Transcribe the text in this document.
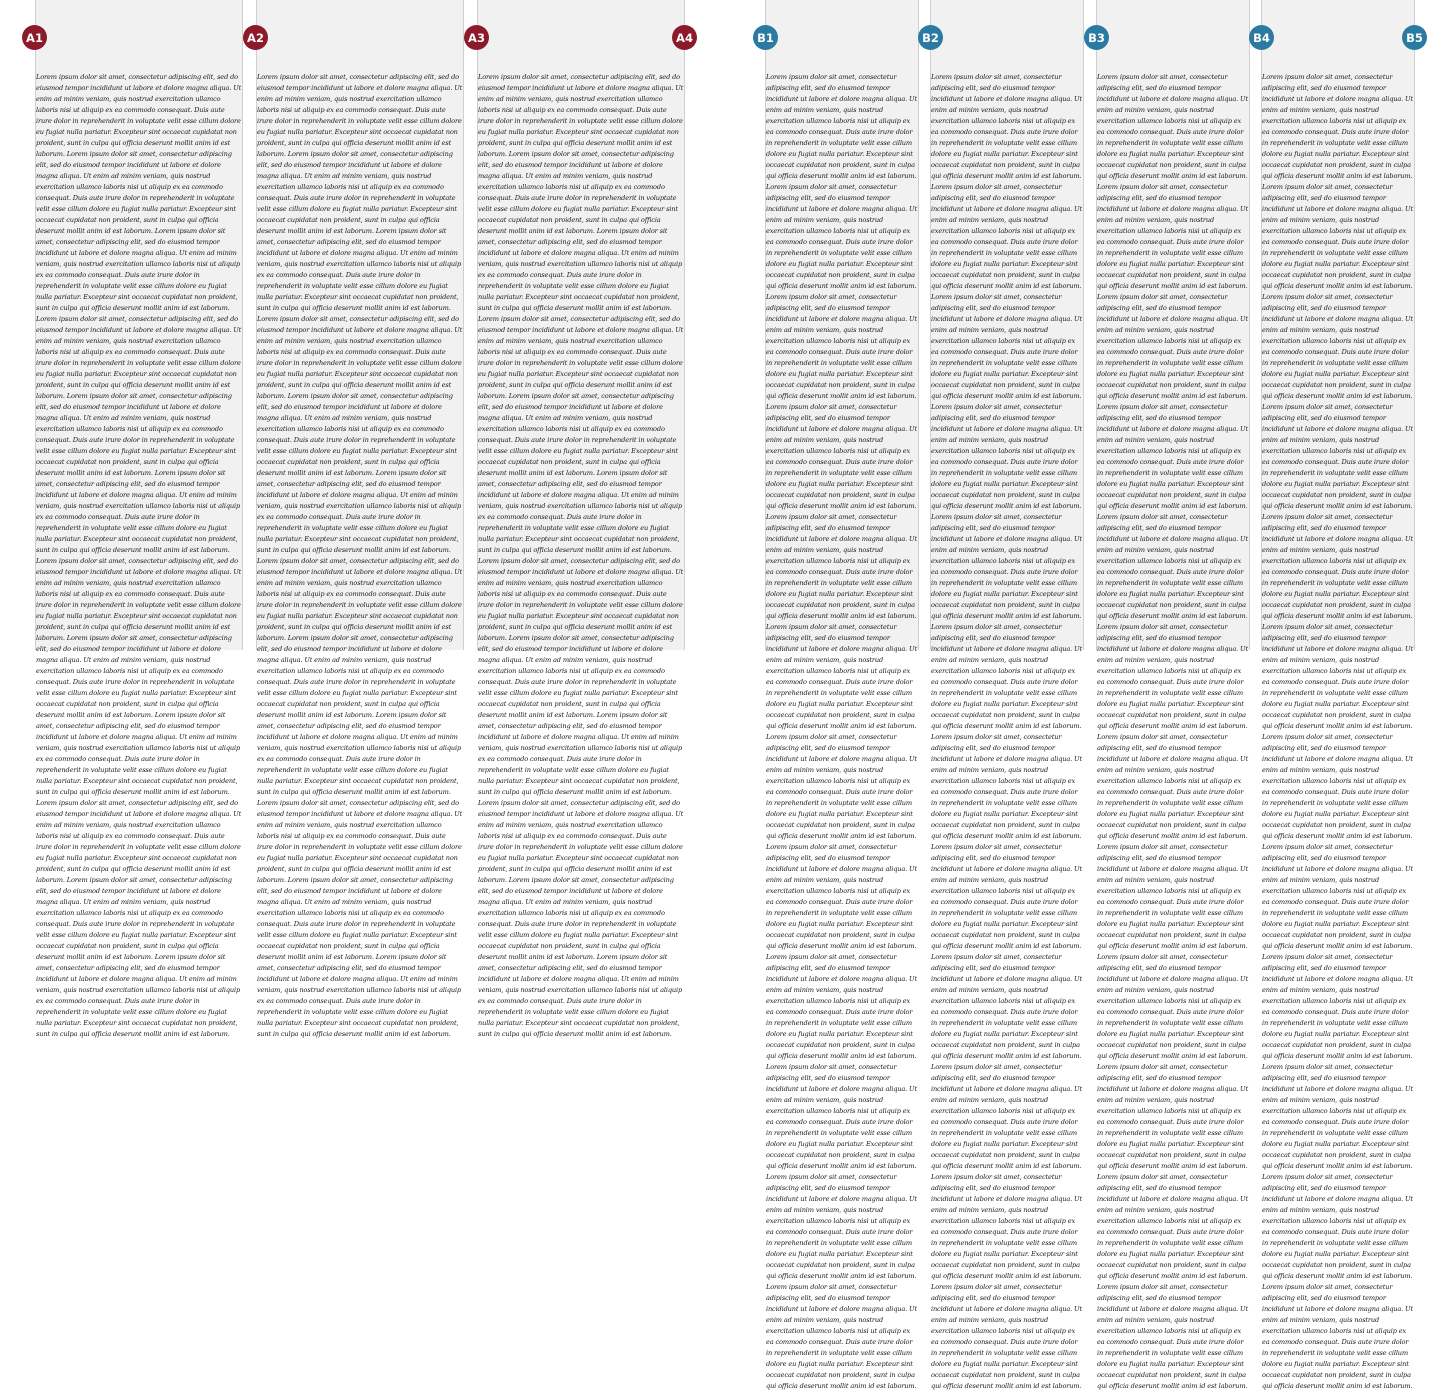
Lorem ipsum dolor sit amet, consectetur adipiscing elit, sed do eiusmod tempor incididunt ut labore et dolore magna aliqua. Ut enim ad minim veniam, quis nostrud exercitation ullamco laboris nisi ut aliquip ex ea commodo consequat. Duis aute irure dolor in reprehenderit in voluptate velit esse cillum dolore eu fugiat nulla pariatur. Excepteur sint occaecat cupidatat non proident, sunt in culpa qui officia deserunt mollit anim id est laborum. Lorem ipsum dolor sit amet, consectetur adipiscing elit, sed do eiusmod tempor incididunt ut labore et dolore magna aliqua. Ut enim ad minim veniam, quis nostrud exercitation ullamco laboris nisi ut aliquip ex ea commodo consequat. Duis aute irure dolor in reprehenderit in voluptate velit esse cillum dolore eu fugiat nulla pariatur. Excepteur sint occaecat cupidatat non proident, sunt in culpa qui officia deserunt mollit anim id est laborum. Lorem ipsum dolor sit amet, consectetur adipiscing elit, sed do eiusmod tempor incididunt ut labore et dolore magna aliqua. Ut enim ad minim veniam, quis nostrud exercitation ullamco laboris nisi ut aliquip ex ea commodo consequat. Duis aute irure dolor in reprehenderit in voluptate velit esse cillum dolore eu fugiat nulla pariatur. Excepteur sint occaecat cupidatat non proident, sunt in culpa qui officia deserunt mollit anim id est laborum. Lorem ipsum dolor sit amet, consectetur adipiscing elit, sed do eiusmod tempor incididunt ut labore et dolore magna aliqua. Ut enim ad minim veniam, quis nostrud exercitation ullamco laboris nisi ut aliquip ex ea commodo consequat. Duis aute irure dolor in reprehenderit in voluptate velit esse cillum dolore eu fugiat nulla pariatur. Excepteur sint occaecat cupidatat non proident, sunt in culpa qui officia deserunt mollit anim id est laborum. Lorem ipsum dolor sit amet, consectetur adipiscing elit, sed do eiusmod tempor incididunt ut labore et dolore magna aliqua. Ut enim ad minim veniam, quis nostrud exercitation ullamco laboris nisi ut aliquip ex ea commodo consequat. Duis aute irure dolor in reprehenderit in voluptate velit esse cillum dolore eu fugiat nulla pariatur. Excepteur sint occaecat cupidatat non proident, sunt in culpa qui officia deserunt mollit anim id est laborum. Lorem ipsum dolor sit amet, consectetur adipiscing elit, sed do eiusmod tempor incididunt ut labore et dolore magna aliqua. Ut enim ad minim veniam, quis nostrud exercitation ullamco laboris nisi ut aliquip ex ea commodo consequat. Duis aute irure dolor in reprehenderit in voluptate velit esse cillum dolore eu fugiat nulla pariatur. Excepteur sint occaecat cupidatat non proident, sunt in culpa qui officia deserunt mollit anim id est laborum. Lorem ipsum dolor sit amet, consectetur adipiscing elit, sed do eiusmod tempor incididunt ut labore et dolore magna aliqua. Ut enim ad minim veniam, quis nostrud exercitation ullamco laboris nisi ut aliquip ex ea commodo consequat. Duis aute irure dolor in reprehenderit in voluptate velit esse cillum dolore eu fugiat nulla pariatur. Excepteur sint occaecat cupidatat non proident, sunt in culpa qui officia deserunt mollit anim id est laborum. Lorem ipsum dolor sit amet, consectetur adipiscing elit, sed do eiusmod tempor incididunt ut labore et dolore magna aliqua. Ut enim ad minim veniam, quis nostrud exercitation ullamco laboris nisi ut aliquip ex ea commodo consequat. Duis aute irure dolor in reprehenderit in voluptate velit esse cillum dolore eu fugiat nulla pariatur. Excepteur sint occaecat cupidatat non proident, sunt in culpa qui officia deserunt mollit anim id est laborum. Lorem ipsum dolor sit amet, consectetur adipiscing elit, sed do eiusmod tempor incididunt ut labore et dolore magna aliqua. Ut enim ad minim veniam, quis nostrud exercitation ullamco laboris nisi ut aliquip ex ea commodo consequat. Duis aute irure dolor in reprehenderit in voluptate velit esse cillum dolore eu fugiat nulla pariatur. Excepteur sint occaecat cupidatat non proident, sunt in culpa qui officia deserunt mollit anim id est laborum. Lorem ipsum dolor sit amet, consectetur adipiscing elit, sed do eiusmod tempor incididunt ut labore et dolore magna aliqua. Ut enim ad minim veniam, quis nostrud exercitation ullamco laboris nisi ut aliquip ex ea commodo consequat. Duis aute irure dolor in reprehenderit in voluptate velit esse cillum dolore eu fugiat nulla pariatur. Excepteur sint occaecat cupidatat non proident, sunt in culpa qui officia deserunt mollit anim id est laborum. Lorem ipsum dolor sit amet, consectetur adipiscing elit, sed do eiusmod tempor incididunt ut labore et dolore magna aliqua. Ut enim ad minim veniam, quis nostrud exercitation ullamco laboris nisi ut aliquip ex ea commodo consequat. Duis aute irure dolor in reprehenderit in voluptate velit esse cillum dolore eu fugiat nulla pariatur. Excepteur sint occaecat cupidatat non proident, sunt in culpa qui officia deserunt mollit anim id est laborum. Lorem ipsum dolor sit amet, consectetur adipiscing elit, sed do eiusmod tempor incididunt ut labore et dolore magna aliqua. Ut enim ad minim veniam, quis nostrud exercitation ullamco laboris nisi ut aliquip ex ea commodo consequat. Duis aute irure dolor in reprehenderit in voluptate velit esse cillum dolore eu fugiat nulla pariatur. Excepteur sint occaecat cupidatat non proident, sunt in culpa qui officia deserunt mollit anim id est laborum.
Lorem ipsum dolor sit amet, consectetur adipiscing elit, sed do eiusmod tempor incididunt ut labore et dolore magna aliqua. Ut enim ad minim veniam, quis nostrud exercitation ullamco laboris nisi ut aliquip ex ea commodo consequat. Duis aute irure dolor in reprehenderit in voluptate velit esse cillum dolore eu fugiat nulla pariatur. Excepteur sint occaecat cupidatat non proident, sunt in culpa qui officia deserunt mollit anim id est laborum. Lorem ipsum dolor sit amet, consectetur adipiscing elit, sed do eiusmod tempor incididunt ut labore et dolore magna aliqua. Ut enim ad minim veniam, quis nostrud exercitation ullamco laboris nisi ut aliquip ex ea commodo consequat. Duis aute irure dolor in reprehenderit in voluptate velit esse cillum dolore eu fugiat nulla pariatur. Excepteur sint occaecat cupidatat non proident, sunt in culpa qui officia deserunt mollit anim id est laborum. Lorem ipsum dolor sit amet, consectetur adipiscing elit, sed do eiusmod tempor incididunt ut labore et dolore magna aliqua. Ut enim ad minim veniam, quis nostrud exercitation ullamco laboris nisi ut aliquip ex ea commodo consequat. Duis aute irure dolor in reprehenderit in voluptate velit esse cillum dolore eu fugiat nulla pariatur. Excepteur sint occaecat cupidatat non proident, sunt in culpa qui officia deserunt mollit anim id est laborum. Lorem ipsum dolor sit amet, consectetur adipiscing elit, sed do eiusmod tempor incididunt ut labore et dolore magna aliqua. Ut enim ad minim veniam, quis nostrud exercitation ullamco laboris nisi ut aliquip ex ea commodo consequat. Duis aute irure dolor in reprehenderit in voluptate velit esse cillum dolore eu fugiat nulla pariatur. Excepteur sint occaecat cupidatat non proident, sunt in culpa qui officia deserunt mollit anim id est laborum. Lorem ipsum dolor sit amet, consectetur adipiscing elit, sed do eiusmod tempor incididunt ut labore et dolore magna aliqua. Ut enim ad minim veniam, quis nostrud exercitation ullamco laboris nisi ut aliquip ex ea commodo consequat. Duis aute irure dolor in reprehenderit in voluptate velit esse cillum dolore eu fugiat nulla pariatur. Excepteur sint occaecat cupidatat non proident, sunt in culpa qui officia deserunt mollit anim id est laborum. Lorem ipsum dolor sit amet, consectetur adipiscing elit, sed do eiusmod tempor incididunt ut labore et dolore magna aliqua. Ut enim ad minim veniam, quis nostrud exercitation ullamco laboris nisi ut aliquip ex ea commodo consequat. Duis aute irure dolor in reprehenderit in voluptate velit esse cillum dolore eu fugiat nulla pariatur. Excepteur sint occaecat cupidatat non proident, sunt in culpa qui officia deserunt mollit anim id est laborum. Lorem ipsum dolor sit amet, consectetur adipiscing elit, sed do eiusmod tempor incididunt ut labore et dolore magna aliqua. Ut enim ad minim veniam, quis nostrud exercitation ullamco laboris nisi ut aliquip ex ea commodo consequat. Duis aute irure dolor in reprehenderit in voluptate velit esse cillum dolore eu fugiat nulla pariatur. Excepteur sint occaecat cupidatat non proident, sunt in culpa qui officia deserunt mollit anim id est laborum. Lorem ipsum dolor sit amet, consectetur adipiscing elit, sed do eiusmod tempor incididunt ut labore et dolore magna aliqua. Ut enim ad minim veniam, quis nostrud exercitation ullamco laboris nisi ut aliquip ex ea commodo consequat. Duis aute irure dolor in reprehenderit in voluptate velit esse cillum dolore eu fugiat nulla pariatur. Excepteur sint occaecat cupidatat non proident, sunt in culpa qui officia deserunt mollit anim id est laborum. Lorem ipsum dolor sit amet, consectetur adipiscing elit, sed do eiusmod tempor incididunt ut labore et dolore magna aliqua. Ut enim ad minim veniam, quis nostrud exercitation ullamco laboris nisi ut aliquip ex ea commodo consequat. Duis aute irure dolor in reprehenderit in voluptate velit esse cillum dolore eu fugiat nulla pariatur. Excepteur sint occaecat cupidatat non proident, sunt in culpa qui officia deserunt mollit anim id est laborum. Lorem ipsum dolor sit amet, consectetur adipiscing elit, sed do eiusmod tempor incididunt ut labore et dolore magna aliqua. Ut enim ad minim veniam, quis nostrud exercitation ullamco laboris nisi ut aliquip ex ea commodo consequat. Duis aute irure dolor in reprehenderit in voluptate velit esse cillum dolore eu fugiat nulla pariatur. Excepteur sint occaecat cupidatat non proident, sunt in culpa qui officia deserunt mollit anim id est laborum. Lorem ipsum dolor sit amet, consectetur adipiscing elit, sed do eiusmod tempor incididunt ut labore et dolore magna aliqua. Ut enim ad minim veniam, quis nostrud exercitation ullamco laboris nisi ut aliquip ex ea commodo consequat. Duis aute irure dolor in reprehenderit in voluptate velit esse cillum dolore eu fugiat nulla pariatur. Excepteur sint occaecat cupidatat non proident, sunt in culpa qui officia deserunt mollit anim id est laborum. Lorem ipsum dolor sit amet, consectetur adipiscing elit, sed do eiusmod tempor incididunt ut labore et dolore magna aliqua. Ut enim ad minim veniam, quis nostrud exercitation ullamco laboris nisi ut aliquip ex ea commodo consequat. Duis aute irure dolor in reprehenderit in voluptate velit esse cillum dolore eu fugiat nulla pariatur. Excepteur sint occaecat cupidatat non proident, sunt in culpa qui officia deserunt mollit anim id est laborum.
Lorem ipsum dolor sit amet, consectetur adipiscing elit, sed do eiusmod tempor incididunt ut labore et dolore magna aliqua. Ut enim ad minim veniam, quis nostrud exercitation ullamco laboris nisi ut aliquip ex ea commodo consequat. Duis aute irure dolor in reprehenderit in voluptate velit esse cillum dolore eu fugiat nulla pariatur. Excepteur sint occaecat cupidatat non proident, sunt in culpa qui officia deserunt mollit anim id est laborum. Lorem ipsum dolor sit amet, consectetur adipiscing elit, sed do eiusmod tempor incididunt ut labore et dolore magna aliqua. Ut enim ad minim veniam, quis nostrud exercitation ullamco laboris nisi ut aliquip ex ea commodo consequat. Duis aute irure dolor in reprehenderit in voluptate velit esse cillum dolore eu fugiat nulla pariatur. Excepteur sint occaecat cupidatat non proident, sunt in culpa qui officia deserunt mollit anim id est laborum. Lorem ipsum dolor sit amet, consectetur adipiscing elit, sed do eiusmod tempor incididunt ut labore et dolore magna aliqua. Ut enim ad minim veniam, quis nostrud exercitation ullamco laboris nisi ut aliquip ex ea commodo consequat. Duis aute irure dolor in reprehenderit in voluptate velit esse cillum dolore eu fugiat nulla pariatur. Excepteur sint occaecat cupidatat non proident, sunt in culpa qui officia deserunt mollit anim id est laborum. Lorem ipsum dolor sit amet, consectetur adipiscing elit, sed do eiusmod tempor incididunt ut labore et dolore magna aliqua. Ut enim ad minim veniam, quis nostrud exercitation ullamco laboris nisi ut aliquip ex ea commodo consequat. Duis aute irure dolor in reprehenderit in voluptate velit esse cillum dolore eu fugiat nulla pariatur. Excepteur sint occaecat cupidatat non proident, sunt in culpa qui officia deserunt mollit anim id est laborum. Lorem ipsum dolor sit amet, consectetur adipiscing elit, sed do eiusmod tempor incididunt ut labore et dolore magna aliqua. Ut enim ad minim veniam, quis nostrud exercitation ullamco laboris nisi ut aliquip ex ea commodo consequat. Duis aute irure dolor in reprehenderit in voluptate velit esse cillum dolore eu fugiat nulla pariatur. Excepteur sint occaecat cupidatat non proident, sunt in culpa qui officia deserunt mollit anim id est laborum. Lorem ipsum dolor sit amet, consectetur adipiscing elit, sed do eiusmod tempor incididunt ut labore et dolore magna aliqua. Ut enim ad minim veniam, quis nostrud exercitation ullamco laboris nisi ut aliquip ex ea commodo consequat. Duis aute irure dolor in reprehenderit in voluptate velit esse cillum dolore eu fugiat nulla pariatur. Excepteur sint occaecat cupidatat non proident, sunt in culpa qui officia deserunt mollit anim id est laborum. Lorem ipsum dolor sit amet, consectetur adipiscing elit, sed do eiusmod tempor incididunt ut labore et dolore magna aliqua. Ut enim ad minim veniam, quis nostrud exercitation ullamco laboris nisi ut aliquip ex ea commodo consequat. Duis aute irure dolor in reprehenderit in voluptate velit esse cillum dolore eu fugiat nulla pariatur. Excepteur sint occaecat cupidatat non proident, sunt in culpa qui officia deserunt mollit anim id est laborum. Lorem ipsum dolor sit amet, consectetur adipiscing elit, sed do eiusmod tempor incididunt ut labore et dolore magna aliqua. Ut enim ad minim veniam, quis nostrud exercitation ullamco laboris nisi ut aliquip ex ea commodo consequat. Duis aute irure dolor in reprehenderit in voluptate velit esse cillum dolore eu fugiat nulla pariatur. Excepteur sint occaecat cupidatat non proident, sunt in culpa qui officia deserunt mollit anim id est laborum. Lorem ipsum dolor sit amet, consectetur adipiscing elit, sed do eiusmod tempor incididunt ut labore et dolore magna aliqua. Ut enim ad minim veniam, quis nostrud exercitation ullamco laboris nisi ut aliquip ex ea commodo consequat. Duis aute irure dolor in reprehenderit in voluptate velit esse cillum dolore eu fugiat nulla pariatur. Excepteur sint occaecat cupidatat non proident, sunt in culpa qui officia deserunt mollit anim id est laborum. Lorem ipsum dolor sit amet, consectetur adipiscing elit, sed do eiusmod tempor incididunt ut labore et dolore magna aliqua. Ut enim ad minim veniam, quis nostrud exercitation ullamco laboris nisi ut aliquip ex ea commodo consequat. Duis aute irure dolor in reprehenderit in voluptate velit esse cillum dolore eu fugiat nulla pariatur. Excepteur sint occaecat cupidatat non proident, sunt in culpa qui officia deserunt mollit anim id est laborum. Lorem ipsum dolor sit amet, consectetur adipiscing elit, sed do eiusmod tempor incididunt ut labore et dolore magna aliqua. Ut enim ad minim veniam, quis nostrud exercitation ullamco laboris nisi ut aliquip ex ea commodo consequat. Duis aute irure dolor in reprehenderit in voluptate velit esse cillum dolore eu fugiat nulla pariatur. Excepteur sint occaecat cupidatat non proident, sunt in culpa qui officia deserunt mollit anim id est laborum. Lorem ipsum dolor sit amet, consectetur adipiscing elit, sed do eiusmod tempor incididunt ut labore et dolore magna aliqua. Ut enim ad minim veniam, quis nostrud exercitation ullamco laboris nisi ut aliquip ex ea commodo consequat. Duis aute irure dolor in reprehenderit in voluptate velit esse cillum dolore eu fugiat nulla pariatur. Excepteur sint occaecat cupidatat non proident, sunt in culpa qui officia deserunt mollit anim id est laborum.
Lorem ipsum dolor sit amet, consectetur adipiscing elit, sed do eiusmod tempor incididunt ut labore et dolore magna aliqua. Ut enim ad minim veniam, quis nostrud exercitation ullamco laboris nisi ut aliquip ex ea commodo consequat. Duis aute irure dolor in reprehenderit in voluptate velit esse cillum dolore eu fugiat nulla pariatur. Excepteur sint occaecat cupidatat non proident, sunt in culpa qui officia deserunt mollit anim id est laborum. Lorem ipsum dolor sit amet, consectetur adipiscing elit, sed do eiusmod tempor incididunt ut labore et dolore magna aliqua. Ut enim ad minim veniam, quis nostrud exercitation ullamco laboris nisi ut aliquip ex ea commodo consequat. Duis aute irure dolor in reprehenderit in voluptate velit esse cillum dolore eu fugiat nulla pariatur. Excepteur sint occaecat cupidatat non proident, sunt in culpa qui officia deserunt mollit anim id est laborum. Lorem ipsum dolor sit amet, consectetur adipiscing elit, sed do eiusmod tempor incididunt ut labore et dolore magna aliqua. Ut enim ad minim veniam, quis nostrud exercitation ullamco laboris nisi ut aliquip ex ea commodo consequat. Duis aute irure dolor in reprehenderit in voluptate velit esse cillum dolore eu fugiat nulla pariatur. Excepteur sint occaecat cupidatat non proident, sunt in culpa qui officia deserunt mollit anim id est laborum. Lorem ipsum dolor sit amet, consectetur adipiscing elit, sed do eiusmod tempor incididunt ut labore et dolore magna aliqua. Ut enim ad minim veniam, quis nostrud exercitation ullamco laboris nisi ut aliquip ex ea commodo consequat. Duis aute irure dolor in reprehenderit in voluptate velit esse cillum dolore eu fugiat nulla pariatur. Excepteur sint occaecat cupidatat non proident, sunt in culpa qui officia deserunt mollit anim id est laborum. Lorem ipsum dolor sit amet, consectetur adipiscing elit, sed do eiusmod tempor incididunt ut labore et dolore magna aliqua. Ut enim ad minim veniam, quis nostrud exercitation ullamco laboris nisi ut aliquip ex ea commodo consequat. Duis aute irure dolor in reprehenderit in voluptate velit esse cillum dolore eu fugiat nulla pariatur. Excepteur sint occaecat cupidatat non proident, sunt in culpa qui officia deserunt mollit anim id est laborum. Lorem ipsum dolor sit amet, consectetur adipiscing elit, sed do eiusmod tempor incididunt ut labore et dolore magna aliqua. Ut enim ad minim veniam, quis nostrud exercitation ullamco laboris nisi ut aliquip ex ea commodo consequat. Duis aute irure dolor in reprehenderit in voluptate velit esse cillum dolore eu fugiat nulla pariatur. Excepteur sint occaecat cupidatat non proident, sunt in culpa qui officia deserunt mollit anim id est laborum. Lorem ipsum dolor sit amet, consectetur adipiscing elit, sed do eiusmod tempor incididunt ut labore et dolore magna aliqua. Ut enim ad minim veniam, quis nostrud exercitation ullamco laboris nisi ut aliquip ex ea commodo consequat. Duis aute irure dolor in reprehenderit in voluptate velit esse cillum dolore eu fugiat nulla pariatur. Excepteur sint occaecat cupidatat non proident, sunt in culpa qui officia deserunt mollit anim id est laborum. Lorem ipsum dolor sit amet, consectetur adipiscing elit, sed do eiusmod tempor incididunt ut labore et dolore magna aliqua. Ut enim ad minim veniam, quis nostrud exercitation ullamco laboris nisi ut aliquip ex ea commodo consequat. Duis aute irure dolor in reprehenderit in voluptate velit esse cillum dolore eu fugiat nulla pariatur. Excepteur sint occaecat cupidatat non proident, sunt in culpa qui officia deserunt mollit anim id est laborum. Lorem ipsum dolor sit amet, consectetur adipiscing elit, sed do eiusmod tempor incididunt ut labore et dolore magna aliqua. Ut enim ad minim veniam, quis nostrud exercitation ullamco laboris nisi ut aliquip ex ea commodo consequat. Duis aute irure dolor in reprehenderit in voluptate velit esse cillum dolore eu fugiat nulla pariatur. Excepteur sint occaecat cupidatat non proident, sunt in culpa qui officia deserunt mollit anim id est laborum. Lorem ipsum dolor sit amet, consectetur adipiscing elit, sed do eiusmod tempor incididunt ut labore et dolore magna aliqua. Ut enim ad minim veniam, quis nostrud exercitation ullamco laboris nisi ut aliquip ex ea commodo consequat. Duis aute irure dolor in reprehenderit in voluptate velit esse cillum dolore eu fugiat nulla pariatur. Excepteur sint occaecat cupidatat non proident, sunt in culpa qui officia deserunt mollit anim id est laborum. Lorem ipsum dolor sit amet, consectetur adipiscing elit, sed do eiusmod tempor incididunt ut labore et dolore magna aliqua. Ut enim ad minim veniam, quis nostrud exercitation ullamco laboris nisi ut aliquip ex ea commodo consequat. Duis aute irure dolor in reprehenderit in voluptate velit esse cillum dolore eu fugiat nulla pariatur. Excepteur sint occaecat cupidatat non proident, sunt in culpa qui officia deserunt mollit anim id est laborum. Lorem ipsum dolor sit amet, consectetur adipiscing elit, sed do eiusmod tempor incididunt ut labore et dolore magna aliqua. Ut enim ad minim veniam, quis nostrud exercitation ullamco laboris nisi ut aliquip ex ea commodo consequat. Duis aute irure dolor in reprehenderit in voluptate velit esse cillum dolore eu fugiat nulla pariatur. Excepteur sint occaecat cupidatat non proident, sunt in culpa qui officia deserunt mollit anim id est laborum.
Lorem ipsum dolor sit amet, consectetur adipiscing elit, sed do eiusmod tempor incididunt ut labore et dolore magna aliqua. Ut enim ad minim veniam, quis nostrud exercitation ullamco laboris nisi ut aliquip ex ea commodo consequat. Duis aute irure dolor in reprehenderit in voluptate velit esse cillum dolore eu fugiat nulla pariatur. Excepteur sint occaecat cupidatat non proident, sunt in culpa qui officia deserunt mollit anim id est laborum. Lorem ipsum dolor sit amet, consectetur adipiscing elit, sed do eiusmod tempor incididunt ut labore et dolore magna aliqua. Ut enim ad minim veniam, quis nostrud exercitation ullamco laboris nisi ut aliquip ex ea commodo consequat. Duis aute irure dolor in reprehenderit in voluptate velit esse cillum dolore eu fugiat nulla pariatur. Excepteur sint occaecat cupidatat non proident, sunt in culpa qui officia deserunt mollit anim id est laborum. Lorem ipsum dolor sit amet, consectetur adipiscing elit, sed do eiusmod tempor incididunt ut labore et dolore magna aliqua. Ut enim ad minim veniam, quis nostrud exercitation ullamco laboris nisi ut aliquip ex ea commodo consequat. Duis aute irure dolor in reprehenderit in voluptate velit esse cillum dolore eu fugiat nulla pariatur. Excepteur sint occaecat cupidatat non proident, sunt in culpa qui officia deserunt mollit anim id est laborum. Lorem ipsum dolor sit amet, consectetur adipiscing elit, sed do eiusmod tempor incididunt ut labore et dolore magna aliqua. Ut enim ad minim veniam, quis nostrud exercitation ullamco laboris nisi ut aliquip ex ea commodo consequat. Duis aute irure dolor in reprehenderit in voluptate velit esse cillum dolore eu fugiat nulla pariatur. Excepteur sint occaecat cupidatat non proident, sunt in culpa qui officia deserunt mollit anim id est laborum. Lorem ipsum dolor sit amet, consectetur adipiscing elit, sed do eiusmod tempor incididunt ut labore et dolore magna aliqua. Ut enim ad minim veniam, quis nostrud exercitation ullamco laboris nisi ut aliquip ex ea commodo consequat. Duis aute irure dolor in reprehenderit in voluptate velit esse cillum dolore eu fugiat nulla pariatur. Excepteur sint occaecat cupidatat non proident, sunt in culpa qui officia deserunt mollit anim id est laborum. Lorem ipsum dolor sit amet, consectetur adipiscing elit, sed do eiusmod tempor incididunt ut labore et dolore magna aliqua. Ut enim ad minim veniam, quis nostrud exercitation ullamco laboris nisi ut aliquip ex ea commodo consequat. Duis aute irure dolor in reprehenderit in voluptate velit esse cillum dolore eu fugiat nulla pariatur. Excepteur sint occaecat cupidatat non proident, sunt in culpa qui officia deserunt mollit anim id est laborum. Lorem ipsum dolor sit amet, consectetur adipiscing elit, sed do eiusmod tempor incididunt ut labore et dolore magna aliqua. Ut enim ad minim veniam, quis nostrud exercitation ullamco laboris nisi ut aliquip ex ea commodo consequat. Duis aute irure dolor in reprehenderit in voluptate velit esse cillum dolore eu fugiat nulla pariatur. Excepteur sint occaecat cupidatat non proident, sunt in culpa qui officia deserunt mollit anim id est laborum. Lorem ipsum dolor sit amet, consectetur adipiscing elit, sed do eiusmod tempor incididunt ut labore et dolore magna aliqua. Ut enim ad minim veniam, quis nostrud exercitation ullamco laboris nisi ut aliquip ex ea commodo consequat. Duis aute irure dolor in reprehenderit in voluptate velit esse cillum dolore eu fugiat nulla pariatur. Excepteur sint occaecat cupidatat non proident, sunt in culpa qui officia deserunt mollit anim id est laborum. Lorem ipsum dolor sit amet, consectetur adipiscing elit, sed do eiusmod tempor incididunt ut labore et dolore magna aliqua. Ut enim ad minim veniam, quis nostrud exercitation ullamco laboris nisi ut aliquip ex ea commodo consequat. Duis aute irure dolor in reprehenderit in voluptate velit esse cillum dolore eu fugiat nulla pariatur. Excepteur sint occaecat cupidatat non proident, sunt in culpa qui officia deserunt mollit anim id est laborum. Lorem ipsum dolor sit amet, consectetur adipiscing elit, sed do eiusmod tempor incididunt ut labore et dolore magna aliqua. Ut enim ad minim veniam, quis nostrud exercitation ullamco laboris nisi ut aliquip ex ea commodo consequat. Duis aute irure dolor in reprehenderit in voluptate velit esse cillum dolore eu fugiat nulla pariatur. Excepteur sint occaecat cupidatat non proident, sunt in culpa qui officia deserunt mollit anim id est laborum. Lorem ipsum dolor sit amet, consectetur adipiscing elit, sed do eiusmod tempor incididunt ut labore et dolore magna aliqua. Ut enim ad minim veniam, quis nostrud exercitation ullamco laboris nisi ut aliquip ex ea commodo consequat. Duis aute irure dolor in reprehenderit in voluptate velit esse cillum dolore eu fugiat nulla pariatur. Excepteur sint occaecat cupidatat non proident, sunt in culpa qui officia deserunt mollit anim id est laborum. Lorem ipsum dolor sit amet, consectetur adipiscing elit, sed do eiusmod tempor incididunt ut labore et dolore magna aliqua. Ut enim ad minim veniam, quis nostrud exercitation ullamco laboris nisi ut aliquip ex ea commodo consequat. Duis aute irure dolor in reprehenderit in voluptate velit esse cillum dolore eu fugiat nulla pariatur. Excepteur sint occaecat cupidatat non proident, sunt in culpa qui officia deserunt mollit anim id est laborum.
Lorem ipsum dolor sit amet, consectetur adipiscing elit, sed do eiusmod tempor incididunt ut labore et dolore magna aliqua. Ut enim ad minim veniam, quis nostrud exercitation ullamco laboris nisi ut aliquip ex ea commodo consequat. Duis aute irure dolor in reprehenderit in voluptate velit esse cillum dolore eu fugiat nulla pariatur. Excepteur sint occaecat cupidatat non proident, sunt in culpa qui officia deserunt mollit anim id est laborum. Lorem ipsum dolor sit amet, consectetur adipiscing elit, sed do eiusmod tempor incididunt ut labore et dolore magna aliqua. Ut enim ad minim veniam, quis nostrud exercitation ullamco laboris nisi ut aliquip ex ea commodo consequat. Duis aute irure dolor in reprehenderit in voluptate velit esse cillum dolore eu fugiat nulla pariatur. Excepteur sint occaecat cupidatat non proident, sunt in culpa qui officia deserunt mollit anim id est laborum. Lorem ipsum dolor sit amet, consectetur adipiscing elit, sed do eiusmod tempor incididunt ut labore et dolore magna aliqua. Ut enim ad minim veniam, quis nostrud exercitation ullamco laboris nisi ut aliquip ex ea commodo consequat. Duis aute irure dolor in reprehenderit in voluptate velit esse cillum dolore eu fugiat nulla pariatur. Excepteur sint occaecat cupidatat non proident, sunt in culpa qui officia deserunt mollit anim id est laborum. Lorem ipsum dolor sit amet, consectetur adipiscing elit, sed do eiusmod tempor incididunt ut labore et dolore magna aliqua. Ut enim ad minim veniam, quis nostrud exercitation ullamco laboris nisi ut aliquip ex ea commodo consequat. Duis aute irure dolor in reprehenderit in voluptate velit esse cillum dolore eu fugiat nulla pariatur. Excepteur sint occaecat cupidatat non proident, sunt in culpa qui officia deserunt mollit anim id est laborum. Lorem ipsum dolor sit amet, consectetur adipiscing elit, sed do eiusmod tempor incididunt ut labore et dolore magna aliqua. Ut enim ad minim veniam, quis nostrud exercitation ullamco laboris nisi ut aliquip ex ea commodo consequat. Duis aute irure dolor in reprehenderit in voluptate velit esse cillum dolore eu fugiat nulla pariatur. Excepteur sint occaecat cupidatat non proident, sunt in culpa qui officia deserunt mollit anim id est laborum. Lorem ipsum dolor sit amet, consectetur adipiscing elit, sed do eiusmod tempor incididunt ut labore et dolore magna aliqua. Ut enim ad minim veniam, quis nostrud exercitation ullamco laboris nisi ut aliquip ex ea commodo consequat. Duis aute irure dolor in reprehenderit in voluptate velit esse cillum dolore eu fugiat nulla pariatur. Excepteur sint occaecat cupidatat non proident, sunt in culpa qui officia deserunt mollit anim id est laborum. Lorem ipsum dolor sit amet, consectetur adipiscing elit, sed do eiusmod tempor incididunt ut labore et dolore magna aliqua. Ut enim ad minim veniam, quis nostrud exercitation ullamco laboris nisi ut aliquip ex ea commodo consequat. Duis aute irure dolor in reprehenderit in voluptate velit esse cillum dolore eu fugiat nulla pariatur. Excepteur sint occaecat cupidatat non proident, sunt in culpa qui officia deserunt mollit anim id est laborum. Lorem ipsum dolor sit amet, consectetur adipiscing elit, sed do eiusmod tempor incididunt ut labore et dolore magna aliqua. Ut enim ad minim veniam, quis nostrud exercitation ullamco laboris nisi ut aliquip ex ea commodo consequat. Duis aute irure dolor in reprehenderit in voluptate velit esse cillum dolore eu fugiat nulla pariatur. Excepteur sint occaecat cupidatat non proident, sunt in culpa qui officia deserunt mollit anim id est laborum. Lorem ipsum dolor sit amet, consectetur adipiscing elit, sed do eiusmod tempor incididunt ut labore et dolore magna aliqua. Ut enim ad minim veniam, quis nostrud exercitation ullamco laboris nisi ut aliquip ex ea commodo consequat. Duis aute irure dolor in reprehenderit in voluptate velit esse cillum dolore eu fugiat nulla pariatur. Excepteur sint occaecat cupidatat non proident, sunt in culpa qui officia deserunt mollit anim id est laborum. Lorem ipsum dolor sit amet, consectetur adipiscing elit, sed do eiusmod tempor incididunt ut labore et dolore magna aliqua. Ut enim ad minim veniam, quis nostrud exercitation ullamco laboris nisi ut aliquip ex ea commodo consequat. Duis aute irure dolor in reprehenderit in voluptate velit esse cillum dolore eu fugiat nulla pariatur. Excepteur sint occaecat cupidatat non proident, sunt in culpa qui officia deserunt mollit anim id est laborum. Lorem ipsum dolor sit amet, consectetur adipiscing elit, sed do eiusmod tempor incididunt ut labore et dolore magna aliqua. Ut enim ad minim veniam, quis nostrud exercitation ullamco laboris nisi ut aliquip ex ea commodo consequat. Duis aute irure dolor in reprehenderit in voluptate velit esse cillum dolore eu fugiat nulla pariatur. Excepteur sint occaecat cupidatat non proident, sunt in culpa qui officia deserunt mollit anim id est laborum. Lorem ipsum dolor sit amet, consectetur adipiscing elit, sed do eiusmod tempor incididunt ut labore et dolore magna aliqua. Ut enim ad minim veniam, quis nostrud exercitation ullamco laboris nisi ut aliquip ex ea commodo consequat. Duis aute irure dolor in reprehenderit in voluptate velit esse cillum dolore eu fugiat nulla pariatur. Excepteur sint occaecat cupidatat non proident, sunt in culpa qui officia deserunt mollit anim id est laborum.
Lorem ipsum dolor sit amet, consectetur adipiscing elit, sed do eiusmod tempor incididunt ut labore et dolore magna aliqua. Ut enim ad minim veniam, quis nostrud exercitation ullamco laboris nisi ut aliquip ex ea commodo consequat. Duis aute irure dolor in reprehenderit in voluptate velit esse cillum dolore eu fugiat nulla pariatur. Excepteur sint occaecat cupidatat non proident, sunt in culpa qui officia deserunt mollit anim id est laborum. Lorem ipsum dolor sit amet, consectetur adipiscing elit, sed do eiusmod tempor incididunt ut labore et dolore magna aliqua. Ut enim ad minim veniam, quis nostrud exercitation ullamco laboris nisi ut aliquip ex ea commodo consequat. Duis aute irure dolor in reprehenderit in voluptate velit esse cillum dolore eu fugiat nulla pariatur. Excepteur sint occaecat cupidatat non proident, sunt in culpa qui officia deserunt mollit anim id est laborum. Lorem ipsum dolor sit amet, consectetur adipiscing elit, sed do eiusmod tempor incididunt ut labore et dolore magna aliqua. Ut enim ad minim veniam, quis nostrud exercitation ullamco laboris nisi ut aliquip ex ea commodo consequat. Duis aute irure dolor in reprehenderit in voluptate velit esse cillum dolore eu fugiat nulla pariatur. Excepteur sint occaecat cupidatat non proident, sunt in culpa qui officia deserunt mollit anim id est laborum. Lorem ipsum dolor sit amet, consectetur adipiscing elit, sed do eiusmod tempor incididunt ut labore et dolore magna aliqua. Ut enim ad minim veniam, quis nostrud exercitation ullamco laboris nisi ut aliquip ex ea commodo consequat. Duis aute irure dolor in reprehenderit in voluptate velit esse cillum dolore eu fugiat nulla pariatur. Excepteur sint occaecat cupidatat non proident, sunt in culpa qui officia deserunt mollit anim id est laborum. Lorem ipsum dolor sit amet, consectetur adipiscing elit, sed do eiusmod tempor incididunt ut labore et dolore magna aliqua. Ut enim ad minim veniam, quis nostrud exercitation ullamco laboris nisi ut aliquip ex ea commodo consequat. Duis aute irure dolor in reprehenderit in voluptate velit esse cillum dolore eu fugiat nulla pariatur. Excepteur sint occaecat cupidatat non proident, sunt in culpa qui officia deserunt mollit anim id est laborum. Lorem ipsum dolor sit amet, consectetur adipiscing elit, sed do eiusmod tempor incididunt ut labore et dolore magna aliqua. Ut enim ad minim veniam, quis nostrud exercitation ullamco laboris nisi ut aliquip ex ea commodo consequat. Duis aute irure dolor in reprehenderit in voluptate velit esse cillum dolore eu fugiat nulla pariatur. Excepteur sint occaecat cupidatat non proident, sunt in culpa qui officia deserunt mollit anim id est laborum. Lorem ipsum dolor sit amet, consectetur adipiscing elit, sed do eiusmod tempor incididunt ut labore et dolore magna aliqua. Ut enim ad minim veniam, quis nostrud exercitation ullamco laboris nisi ut aliquip ex ea commodo consequat. Duis aute irure dolor in reprehenderit in voluptate velit esse cillum dolore eu fugiat nulla pariatur. Excepteur sint occaecat cupidatat non proident, sunt in culpa qui officia deserunt mollit anim id est laborum. Lorem ipsum dolor sit amet, consectetur adipiscing elit, sed do eiusmod tempor incididunt ut labore et dolore magna aliqua. Ut enim ad minim veniam, quis nostrud exercitation ullamco laboris nisi ut aliquip ex ea commodo consequat. Duis aute irure dolor in reprehenderit in voluptate velit esse cillum dolore eu fugiat nulla pariatur. Excepteur sint occaecat cupidatat non proident, sunt in culpa qui officia deserunt mollit anim id est laborum. Lorem ipsum dolor sit amet, consectetur adipiscing elit, sed do eiusmod tempor incididunt ut labore et dolore magna aliqua. Ut enim ad minim veniam, quis nostrud exercitation ullamco laboris nisi ut aliquip ex ea commodo consequat. Duis aute irure dolor in reprehenderit in voluptate velit esse cillum dolore eu fugiat nulla pariatur. Excepteur sint occaecat cupidatat non proident, sunt in culpa qui officia deserunt mollit anim id est laborum. Lorem ipsum dolor sit amet, consectetur adipiscing elit, sed do eiusmod tempor incididunt ut labore et dolore magna aliqua. Ut enim ad minim veniam, quis nostrud exercitation ullamco laboris nisi ut aliquip ex ea commodo consequat. Duis aute irure dolor in reprehenderit in voluptate velit esse cillum dolore eu fugiat nulla pariatur. Excepteur sint occaecat cupidatat non proident, sunt in culpa qui officia deserunt mollit anim id est laborum. Lorem ipsum dolor sit amet, consectetur adipiscing elit, sed do eiusmod tempor incididunt ut labore et dolore magna aliqua. Ut enim ad minim veniam, quis nostrud exercitation ullamco laboris nisi ut aliquip ex ea commodo consequat. Duis aute irure dolor in reprehenderit in voluptate velit esse cillum dolore eu fugiat nulla pariatur. Excepteur sint occaecat cupidatat non proident, sunt in culpa qui officia deserunt mollit anim id est laborum. Lorem ipsum dolor sit amet, consectetur adipiscing elit, sed do eiusmod tempor incididunt ut labore et dolore magna aliqua. Ut enim ad minim veniam, quis nostrud exercitation ullamco laboris nisi ut aliquip ex ea commodo consequat. Duis aute irure dolor in reprehenderit in voluptate velit esse cillum dolore eu fugiat nulla pariatur. Excepteur sint occaecat cupidatat non proident, sunt in culpa qui officia deserunt mollit anim id est laborum.
A1	A2	A3	A4	B1	B2	B3	B4	B5
